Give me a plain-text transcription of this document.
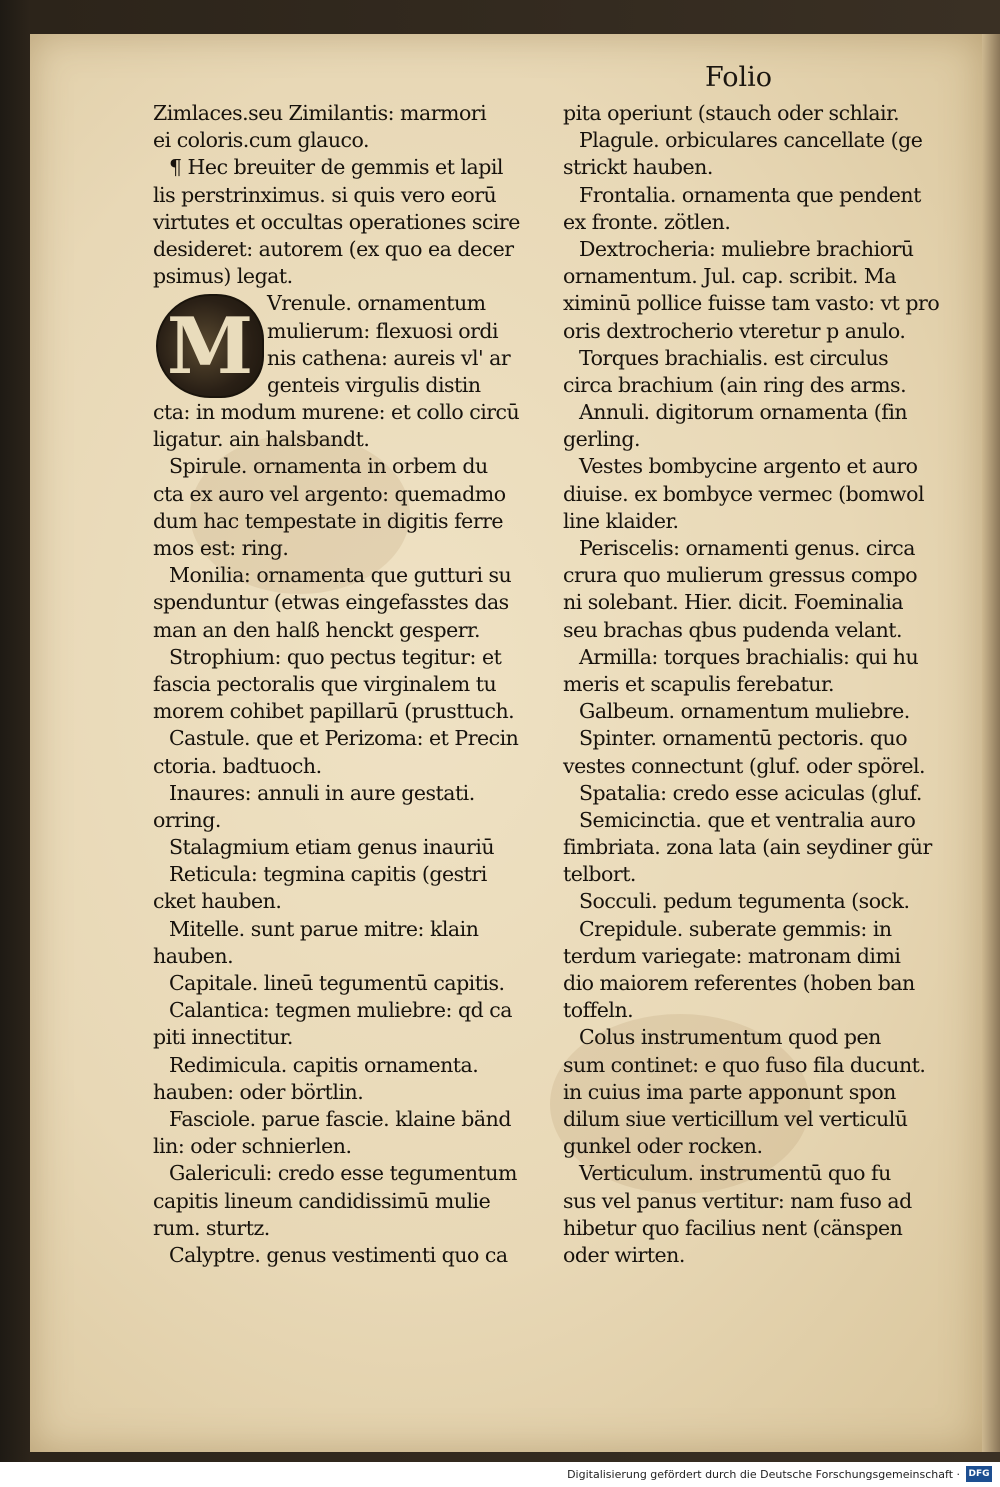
Folio
M
Zimlaces.seu Zimilantis: marmori
ei coloris.cum glauco.
¶ Hec breuiter de gemmis et lapil
lis perstrinximus. si quis vero eorū
virtutes et occultas operationes scire
desideret: autorem (ex quo ea decer
psimus) legat.
Vrenule. ornamentum
mulierum: flexuosi ordi
nis cathena: aureis vl' ar
genteis virgulis distin
cta: in modum murene: et collo circū
ligatur. ain halsbandt.
Spirule. ornamenta in orbem du
cta ex auro vel argento: quemadmo
dum hac tempestate in digitis ferre
mos est: ring.
Monilia: ornamenta que gutturi su
spenduntur (etwas eingefasstes das
man an den halß henckt gesperr.
Strophium: quo pectus tegitur: et
fascia pectoralis que virginalem tu
morem cohibet papillarū (prusttuch.
Castule. que et Perizoma: et Precin
ctoria. badtuoch.
Inaures: annuli in aure gestati.
orring.
Stalagmium etiam genus inauriū
Reticula: tegmina capitis (gestri
cket hauben.
Mitelle. sunt parue mitre: klain
hauben.
Capitale. lineū tegumentū capitis.
Calantica: tegmen muliebre: qd ca
piti innectitur.
Redimicula. capitis ornamenta.
hauben: oder börtlin.
Fasciole. parue fascie. klaine bänd
lin: oder schnierlen.
Galericuli: credo esse tegumentum
capitis lineum candidissimū mulie
rum. sturtz.
Calyptre. genus vestimenti quo ca
pita operiunt (stauch oder schlair.
Plagule. orbiculares cancellate (ge
strickt hauben.
Frontalia. ornamenta que pendent
ex fronte. zötlen.
Dextrocheria: muliebre brachiorū
ornamentum. Jul. cap. scribit. Ma
ximinū pollice fuisse tam vasto: vt pro
oris dextrocherio vteretur p anulo.
Torques brachialis. est circulus
circa brachium (ain ring des arms.
Annuli. digitorum ornamenta (fin
gerling.
Vestes bombycine argento et auro
diuise. ex bombyce vermec (bomwol
line klaider.
Periscelis: ornamenti genus. circa
crura quo mulierum gressus compo
ni solebant. Hier. dicit. Foeminalia
seu brachas qbus pudenda velant.
Armilla: torques brachialis: qui hu
meris et scapulis ferebatur.
Galbeum. ornamentum muliebre.
Spinter. ornamentū pectoris. quo
vestes connectunt (gluf. oder spörel.
Spatalia: credo esse aciculas (gluf.
Semicinctia. que et ventralia auro
fimbriata. zona lata (ain seydiner gür
telbort.
Socculi. pedum tegumenta (sock.
Crepidule. suberate gemmis: in
terdum variegate: matronam dimi
dio maiorem referentes (hoben ban
toffeln.
Colus instrumentum quod pen
sum continet: e quo fuso fila ducunt.
in cuius ima parte apponunt spon
dilum siue verticillum vel verticulū
gunkel oder rocken.
Verticulum. instrumentū quo fu
sus vel panus vertitur: nam fuso ad
hibetur quo facilius nent (cänspen
oder wirten.
Digitalisierung gefördert durch die Deutsche Forschungsgemeinschaft · DFG
